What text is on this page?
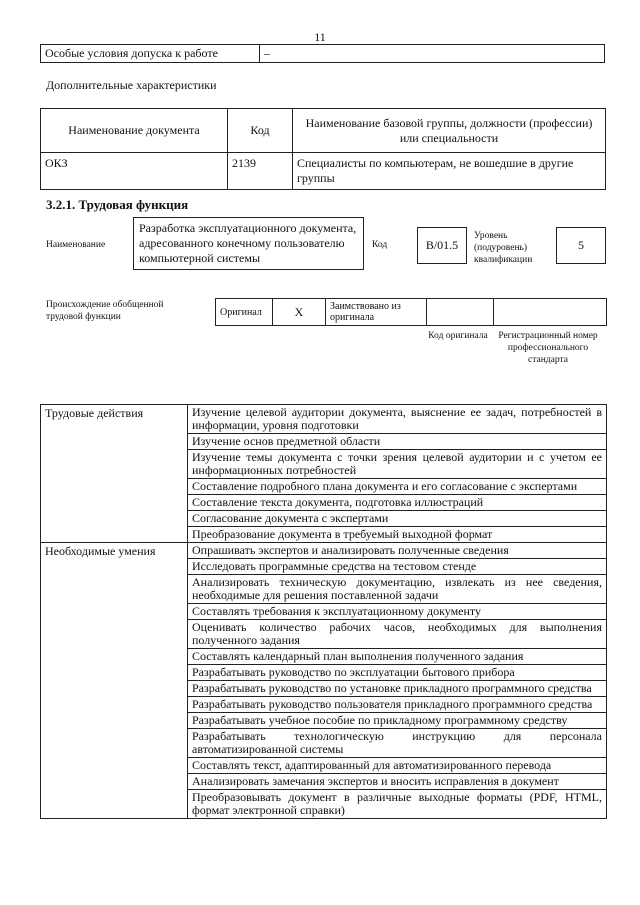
11
Особые условия допуска к работе	–
Дополнительные характеристики
Наименование документа	Код	Наименование базовой группы, должности (профессии) или специальности
ОКЗ	2139	Специалисты по компьютерам, не вошедшие в другие группы
3.2.1. Трудовая функция
Наименование
Разработка эксплуатационного документа, адресованного конечному пользователю компьютерной системы
Код	B/01.5
Уровень (подуровень) квалификации
5
Происхождение обобщенной трудовой функции	Оригинал	X	Заимствовано из оригинала		
Код оригинала	Регистрационный номер профессионального стандарта
Трудовые действия	Изучение целевой аудитории документа, выяснение ее задач, потребностей в информации, уровня подготовки
	Изучение основ предметной области
	Изучение темы документа с точки зрения целевой аудитории и с учетом ее информационных потребностей
	Составление подробного плана документа и его согласование с экспертами
	Составление текста документа, подготовка иллюстраций
	Согласование документа с экспертами
	Преобразование документа в требуемый выходной формат
Необходимые умения	Опрашивать экспертов и анализировать полученные сведения
	Исследовать программные средства на тестовом стенде
	Анализировать техническую документацию, извлекать из нее сведения, необходимые для решения поставленной задачи
	Составлять требования к эксплуатационному документу
	Оценивать количество рабочих часов, необходимых для выполнения полученного задания
	Составлять календарный план выполнения полученного задания
	Разрабатывать руководство по эксплуатации бытового прибора
	Разрабатывать руководство по установке прикладного программного средства
	Разрабатывать руководство пользователя прикладного программного средства
	Разрабатывать учебное пособие по прикладному программному средству
	Разрабатывать технологическую инструкцию для персонала автоматизированной системы
	Составлять текст, адаптированный для автоматизированного перевода
	Анализировать замечания экспертов и вносить исправления в документ
	Преобразовывать документ в различные выходные форматы (PDF, HTML, формат электронной справки)
